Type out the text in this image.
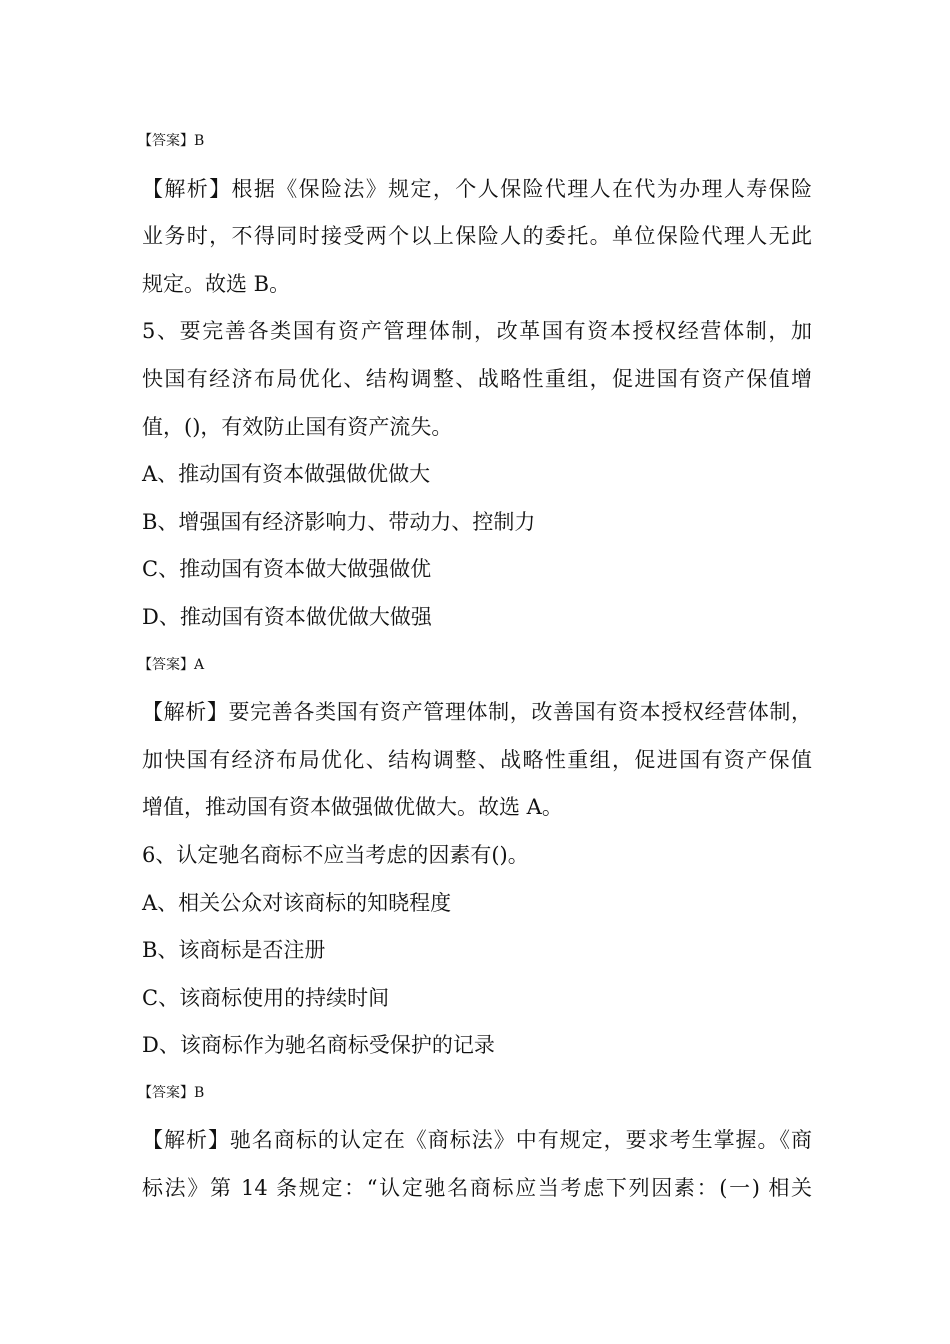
【答案】B
【解析】根据《保险法》规定，个人保险代理人在代为办理人寿保险
业务时，不得同时接受两个以上保险人的委托。单位保险代理人无此
规定。故选 B。
5、要完善各类国有资产管理体制，改革国有资本授权经营体制，加
快国有经济布局优化、结构调整、战略性重组，促进国有资产保值增
值，()，有效防止国有资产流失。
A、推动国有资本做强做优做大
B、增强国有经济影响力、带动力、控制力
C、推动国有资本做大做强做优
D、推动国有资本做优做大做强
【答案】A
【解析】要完善各类国有资产管理体制，改善国有资本授权经营体制，
加快国有经济布局优化、结构调整、战略性重组，促进国有资产保值
增值，推动国有资本做强做优做大。故选 A。
6、认定驰名商标不应当考虑的因素有()。
A、相关公众对该商标的知晓程度
B、该商标是否注册
C、该商标使用的持续时间
D、该商标作为驰名商标受保护的记录
【答案】B
【解析】驰名商标的认定在《商标法》中有规定，要求考生掌握。《商
标法》第 14 条规定：“认定驰名商标应当考虑下列因素：(一) 相关
